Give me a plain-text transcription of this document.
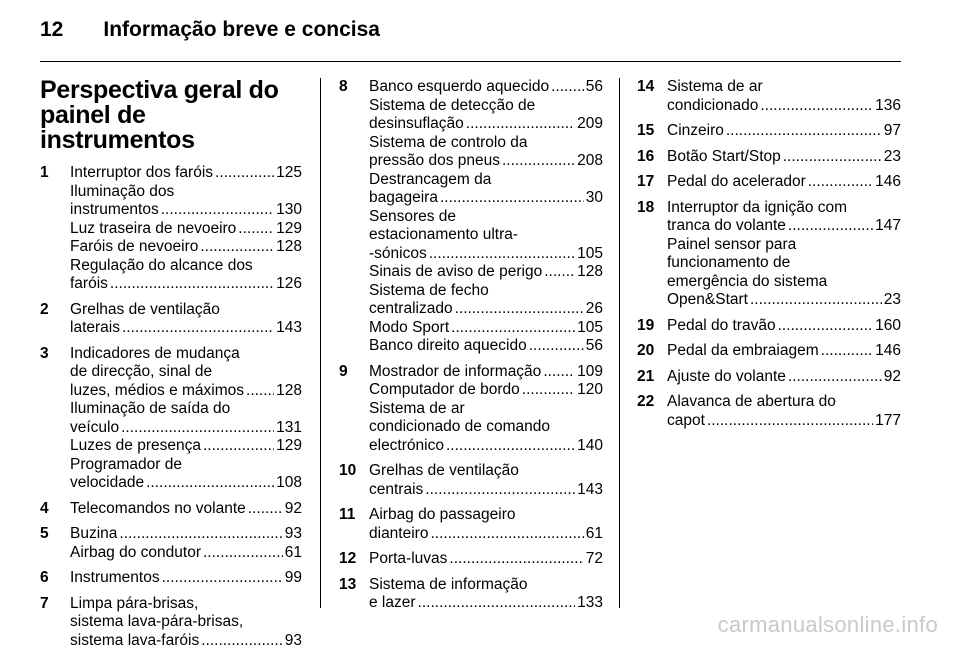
12 Informação breve e concisa
Perspectiva geral do painel de instrumentos
1	Interruptor dos faróis .....	125
Iluminação dos
instrumentos .....	130
Luz traseira de nevoeiro .....	129
Faróis de nevoeiro .....	128
Regulação do alcance dos
faróis .....	126
2	Grelhas de ventilação
laterais .....	143
3	Indicadores de mudança
de direcção, sinal de
luzes, médios e máximos ..... 128
Iluminação de saída do
veículo .....	131
Luzes de presença .....	129
Programador de
velocidade .....	108
4	Telecomandos no volante .....	92
5	Buzina .....	93
Airbag do condutor .....	61
6	Instrumentos .....	99
7	Limpa pára-brisas,
sistema lava-pára-brisas,
sistema lava-faróis .....	93
8	Banco esquerdo aquecido ..... 56
Sistema de detecção de
desinsuflação .....	209
Sistema de controlo da
pressão dos pneus .....	208
Destrancagem da
bagageira .....	30
Sensores de
estacionamento ultra-
-sónicos .....	105
Sinais de aviso de perigo ..... 128
Sistema de fecho
centralizado .....	26
Modo Sport .....	105
Banco direito aquecido .....	56
9	Mostrador de informação ..... 109
Computador de bordo .....	120
Sistema de ar
condicionado de comando
electrónico .....	140
10 Grelhas de ventilação
centrais .....	143
11 Airbag do passageiro
dianteiro .....	61
12 Porta-luvas .....	72
13 Sistema de informação
e lazer .....	133
14 Sistema de ar
condicionado .....	136
15 Cinzeiro .....	97
16 Botão Start/Stop .....	23
17 Pedal do acelerador .....	146
18 Interruptor da ignição com
tranca do volante .....	147
Painel sensor para
funcionamento de
emergência do sistema
Open&Start .....	23
19 Pedal do travão .....	160
20 Pedal da embraiagem .....	146
21 Ajuste do volante .....	92
22 Alavanca de abertura do
capot .....	177
carmanualsonline.info
